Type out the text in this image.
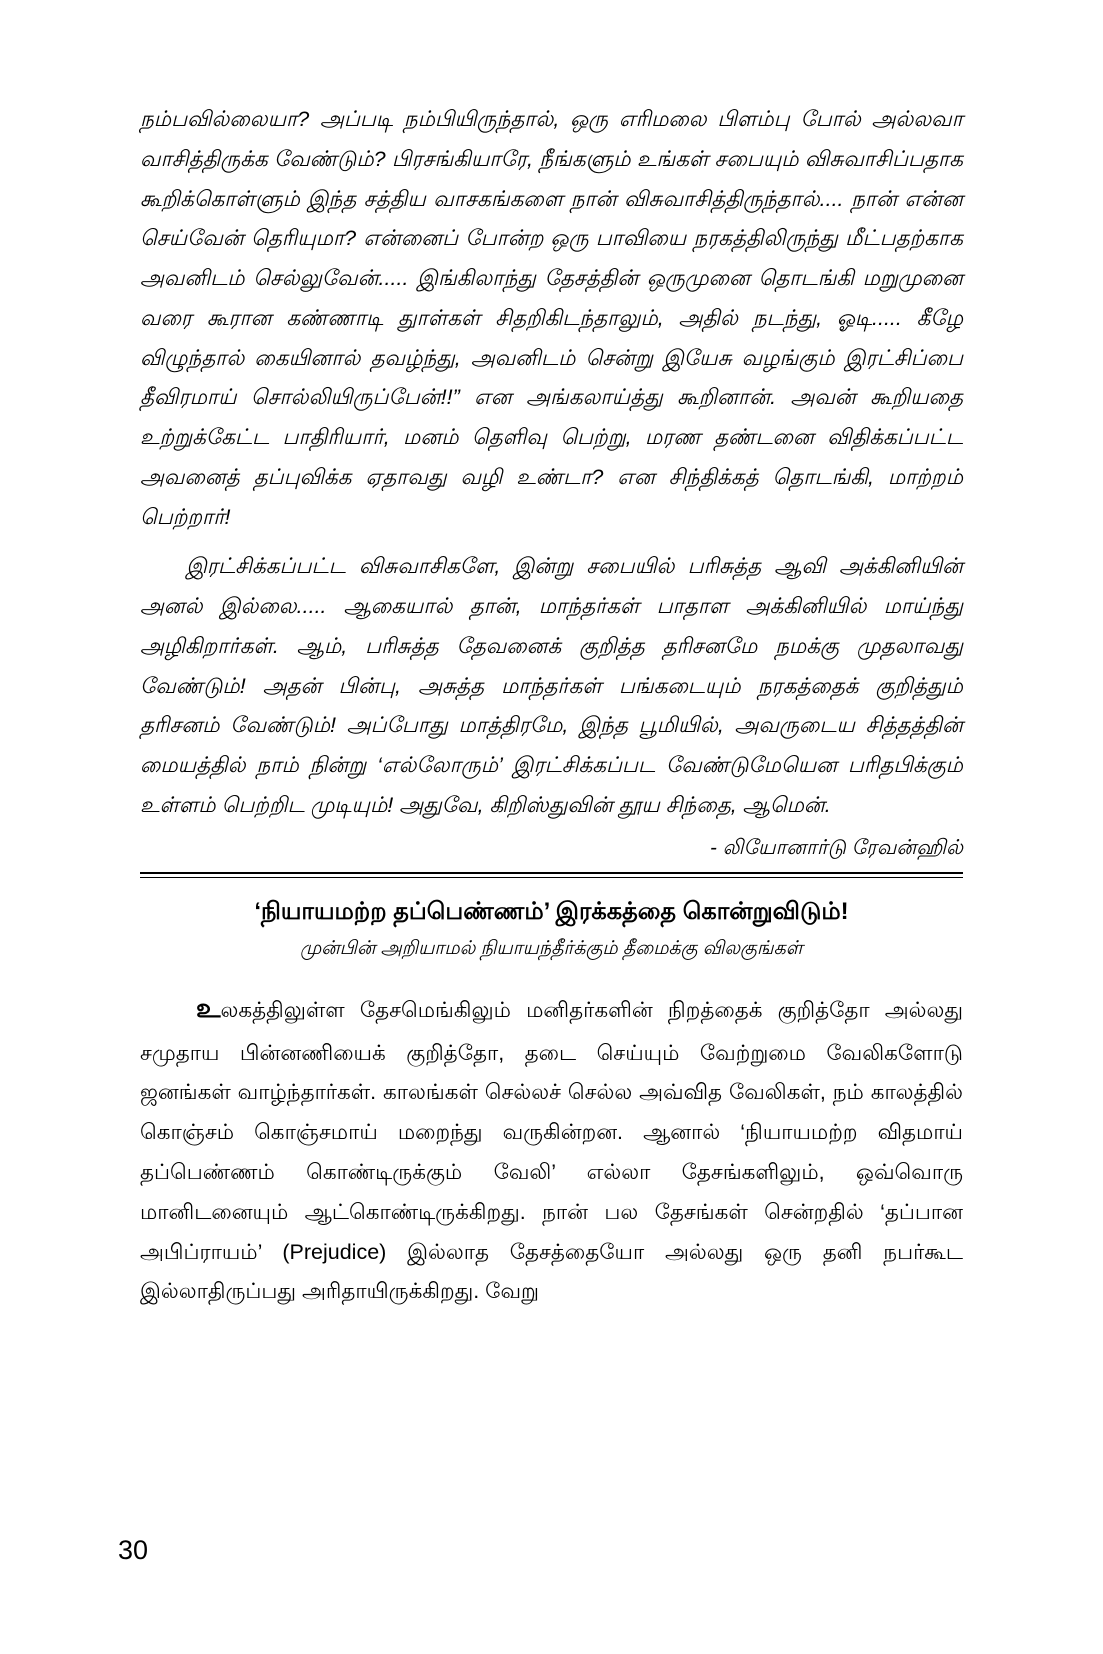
நம்பவில்லையா? அப்படி நம்பியிருந்தால், ஒரு எரிமலை பிளம்பு போல் அல்லவா வாசித்திருக்க வேண்டும்? பிரசங்கியாரே, நீங்களும் உங்கள் சபையும் விசுவாசிப்பதாக கூறிக்கொள்ளும் இந்த சத்திய வாசகங்களை நான் விசுவாசித்திருந்தால்.... நான் என்ன செய்வேன் தெரியுமா? என்னைப் போன்ற ஒரு பாவியை நரகத்திலிருந்து மீட்பதற்காக அவனிடம் செல்லுவேன்..... இங்கிலாந்து தேசத்தின் ஒருமுனை தொடங்கி மறுமுனை வரை கூரான கண்ணாடி துாள்கள் சிதறிகிடந்தாலும், அதில் நடந்து, ஓடி..... கீழே விழுந்தால் கையினால் தவழ்ந்து, அவனிடம் சென்று இயேசு வழங்கும் இரட்சிப்பை தீவிரமாய் சொல்லியிருப்பேன்!!” என அங்கலாய்த்து கூறினான். அவன் கூறியதை உற்றுக்கேட்ட பாதிரியார், மனம் தெளிவு பெற்று, மரண தண்டனை விதிக்கப்பட்ட அவனைத் தப்புவிக்க ஏதாவது வழி உண்டா? என சிந்திக்கத் தொடங்கி, மாற்றம் பெற்றார்!

இரட்சிக்கப்பட்ட விசுவாசிகளே, இன்று சபையில் பரிசுத்த ஆவி அக்கினியின் அனல் இல்லை..... ஆகையால் தான், மாந்தர்கள் பாதாள அக்கினியில் மாய்ந்து அழிகிறார்கள். ஆம், பரிசுத்த தேவனைக் குறித்த தரிசனமே நமக்கு முதலாவது வேண்டும்! அதன் பின்பு, அசுத்த மாந்தர்கள் பங்கடையும் நரகத்தைக் குறித்தும் தரிசனம் வேண்டும்! அப்போது மாத்திரமே, இந்த பூமியில், அவருடைய சித்தத்தின் மையத்தில் நாம் நின்று ‘எல்லோரும்’ இரட்சிக்கப்பட வேண்டுமேயென பரிதபிக்கும் உள்ளம் பெற்றிட முடியும்! அதுவே, கிறிஸ்துவின் தூய சிந்தை, ஆமென்.

- லியோனார்டு ரேவன்ஹில்
‘நியாயமற்ற தப்பெண்ணம்’ இரக்கத்தை கொன்றுவிடும்!
முன்பின் அறியாமல் நியாயந்தீர்க்கும் தீமைக்கு விலகுங்கள்
உலகத்திலுள்ள தேசமெங்கிலும் மனிதர்களின் நிறத்தைக் குறித்தோ அல்லது சமுதாய பின்னணியைக் குறித்தோ, தடை செய்யும் வேற்றுமை வேலிகளோடு ஜனங்கள் வாழ்ந்தார்கள். காலங்கள் செல்லச் செல்ல அவ்வித வேலிகள், நம் காலத்தில் கொஞ்சம் கொஞ்சமாய் மறைந்து வருகின்றன. ஆனால் ‘நியாயமற்ற விதமாய் தப்பெண்ணம் கொண்டிருக்கும் வேலி’ எல்லா தேசங்களிலும், ஒவ்வொரு மானிடனையும் ஆட்கொண்டிருக்கிறது. நான் பல தேசங்கள் சென்றதில் ‘தப்பான அபிப்ராயம்’ (Prejudice) இல்லாத தேசத்தையோ அல்லது ஒரு தனி நபர்கூட இல்லாதிருப்பது அரிதாயிருக்கிறது. வேறு
30
